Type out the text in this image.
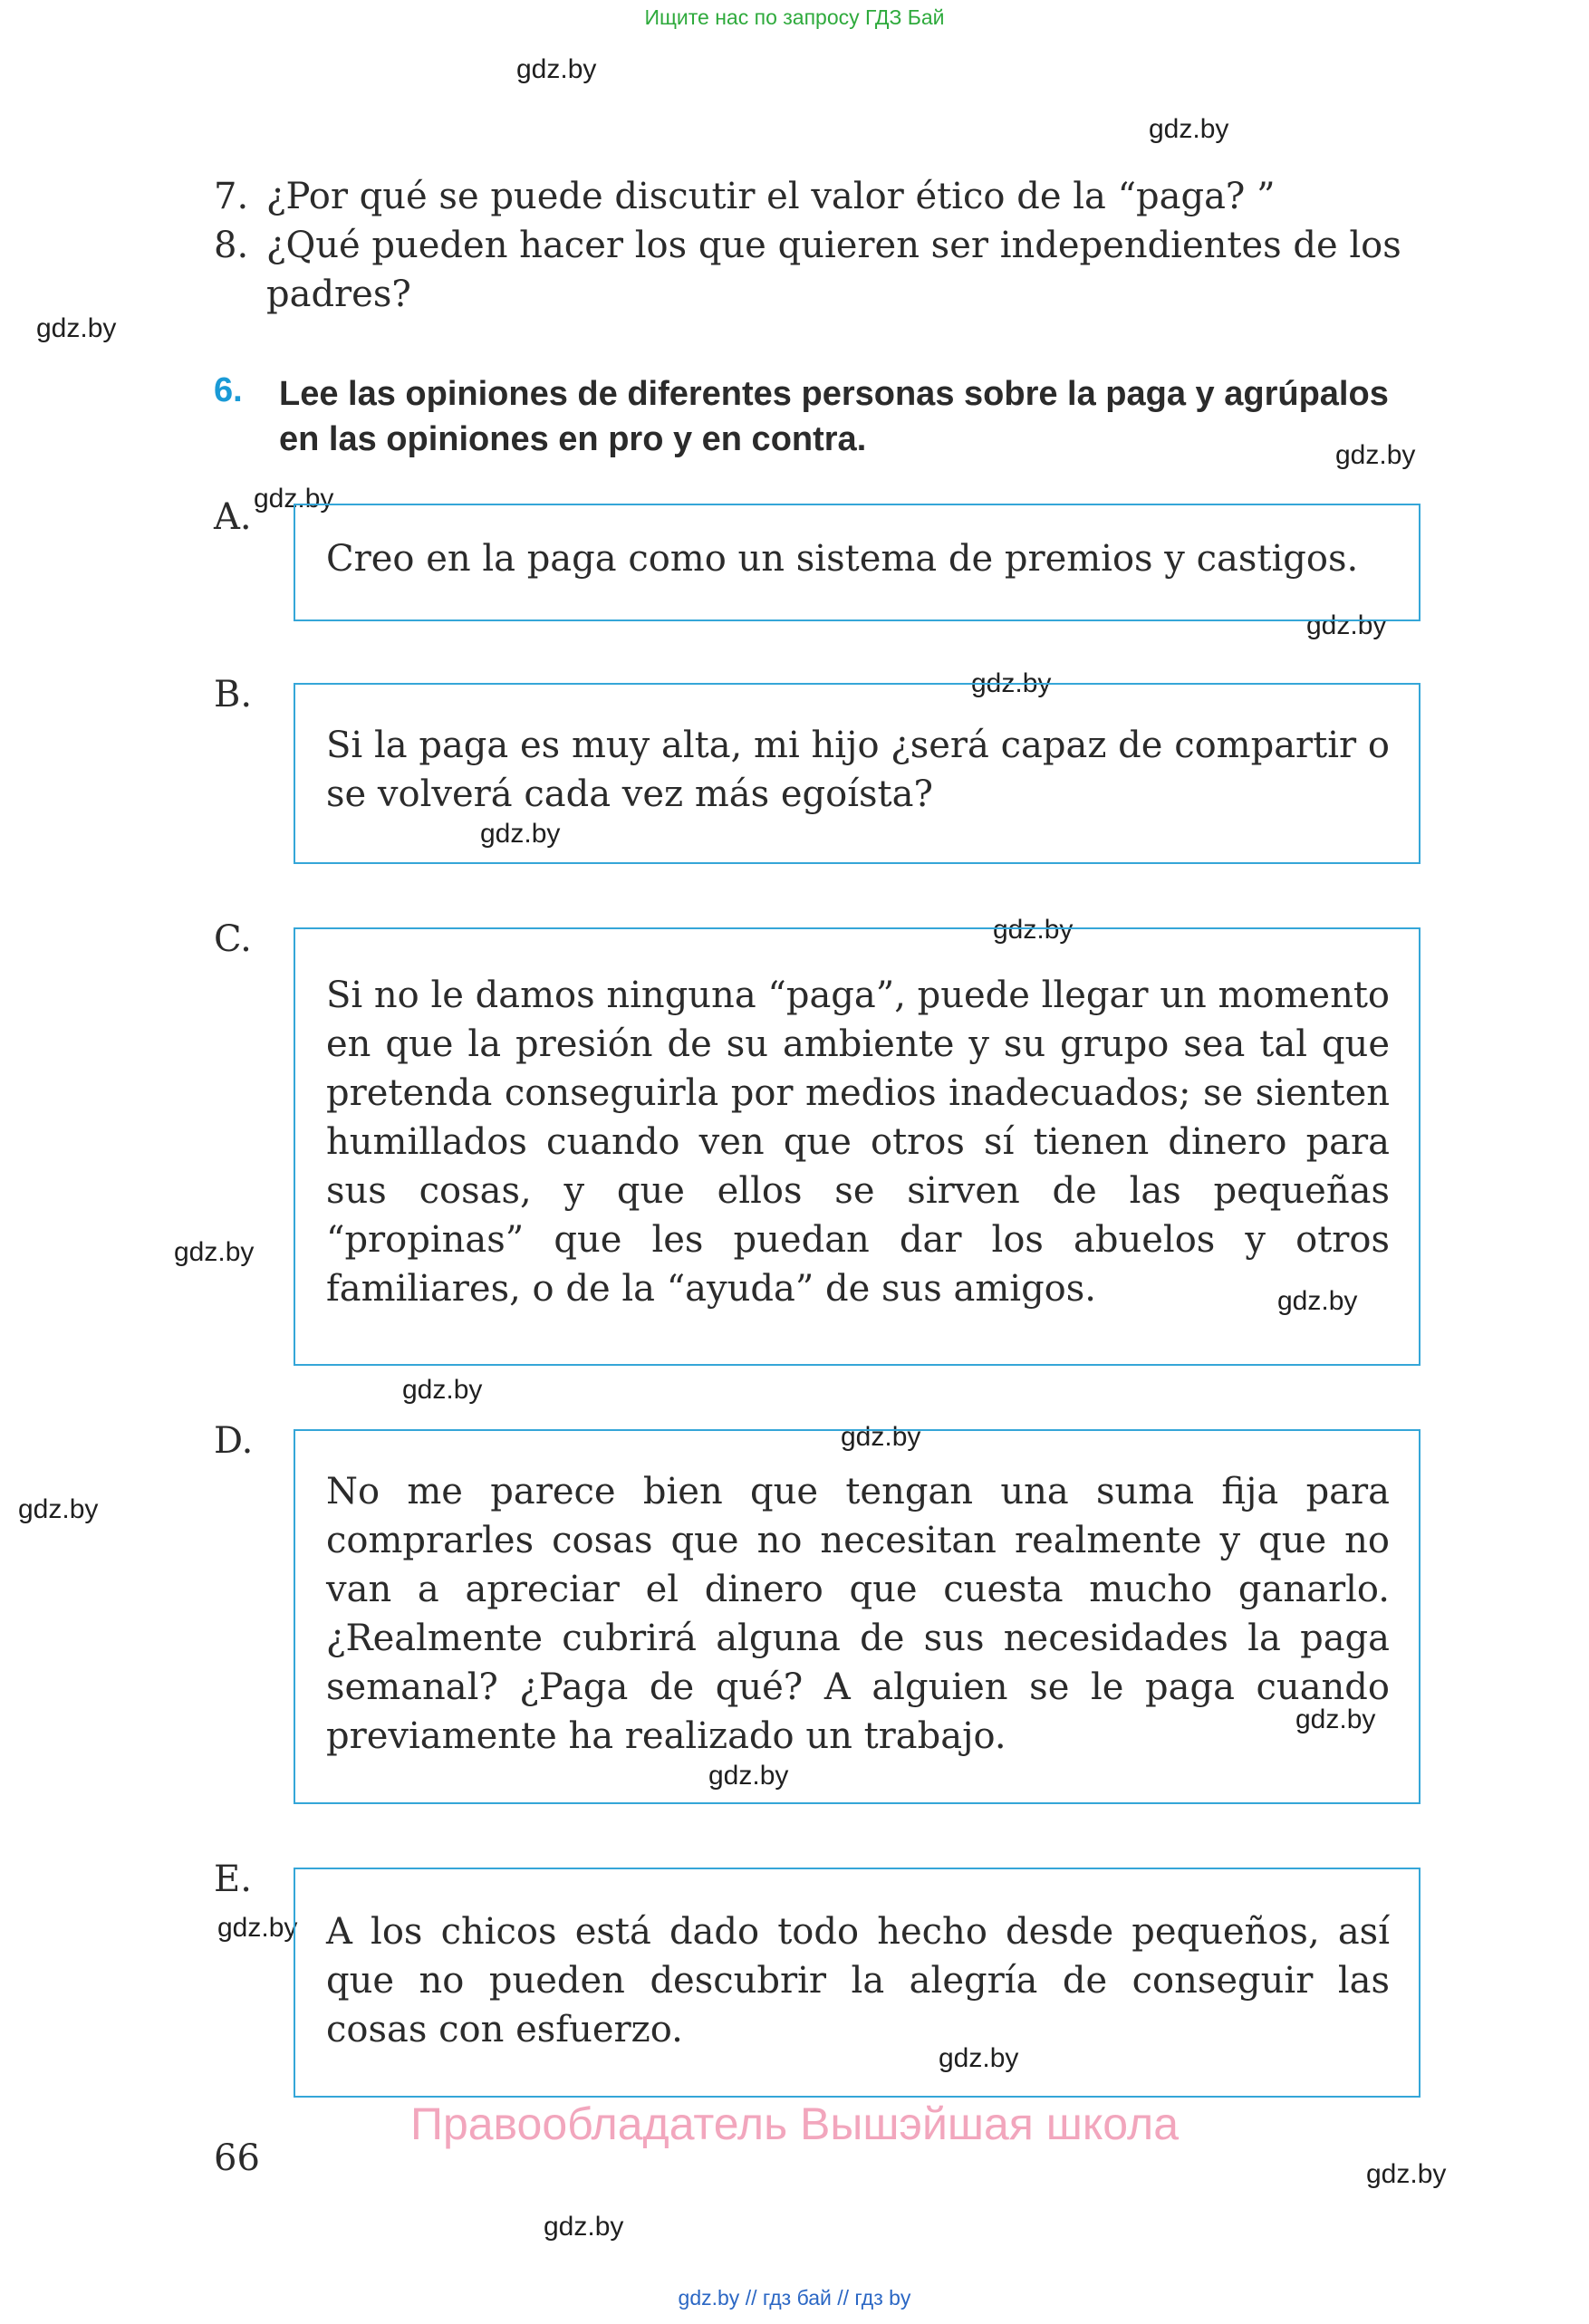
Ищите нас по запросу ГДЗ Бай
gdz.by
gdz.by
gdz.by
gdz.by
gdz.by
gdz.by
gdz.by
gdz.by
gdz.by
gdz.by
gdz.by
gdz.by
gdz.by
gdz.by
gdz.by
gdz.by
gdz.by
gdz.by
gdz.by
gdz.by
7. ¿Por qué se puede discutir el valor ético de la “paga? ”
8. ¿Qué pueden hacer los que quieren ser independientes de los padres?
6. Lee las opiniones de diferentes personas sobre la paga y agrúpalos en las opiniones en pro y en contra.
A.
Creo en la paga como un sistema de premios y castigos.
B.
Si la paga es muy alta, mi hijo ¿será capaz de compartir o se volverá cada vez más egoísta?
C.
Si no le damos ninguna “paga”, puede llegar un momento en que la presión de su ambiente y su grupo sea tal que pretenda conseguirla por medios inadecuados; se sienten humillados cuando ven que otros sí tienen dinero para sus cosas, y que ellos se sirven de las pequeñas “propinas” que les puedan dar los abuelos y otros familiares, o de la “ayuda” de sus amigos.
D.
No me parece bien que tengan una suma fija para comprarles cosas que no necesitan realmente y que no van a apreciar el dinero que cuesta mucho ganarlo. ¿Realmente cubrirá alguna de sus necesidades la paga semanal? ¿Paga de qué? A alguien se le paga cuando previamente ha realizado un trabajo.
E.
A los chicos está dado todo hecho desde pequeños, así que no pueden descubrir la alegría de conseguir las cosas con esfuerzo.
Правообладатель Вышэйшая школа
66
gdz.by // гдз бай // гдз by
